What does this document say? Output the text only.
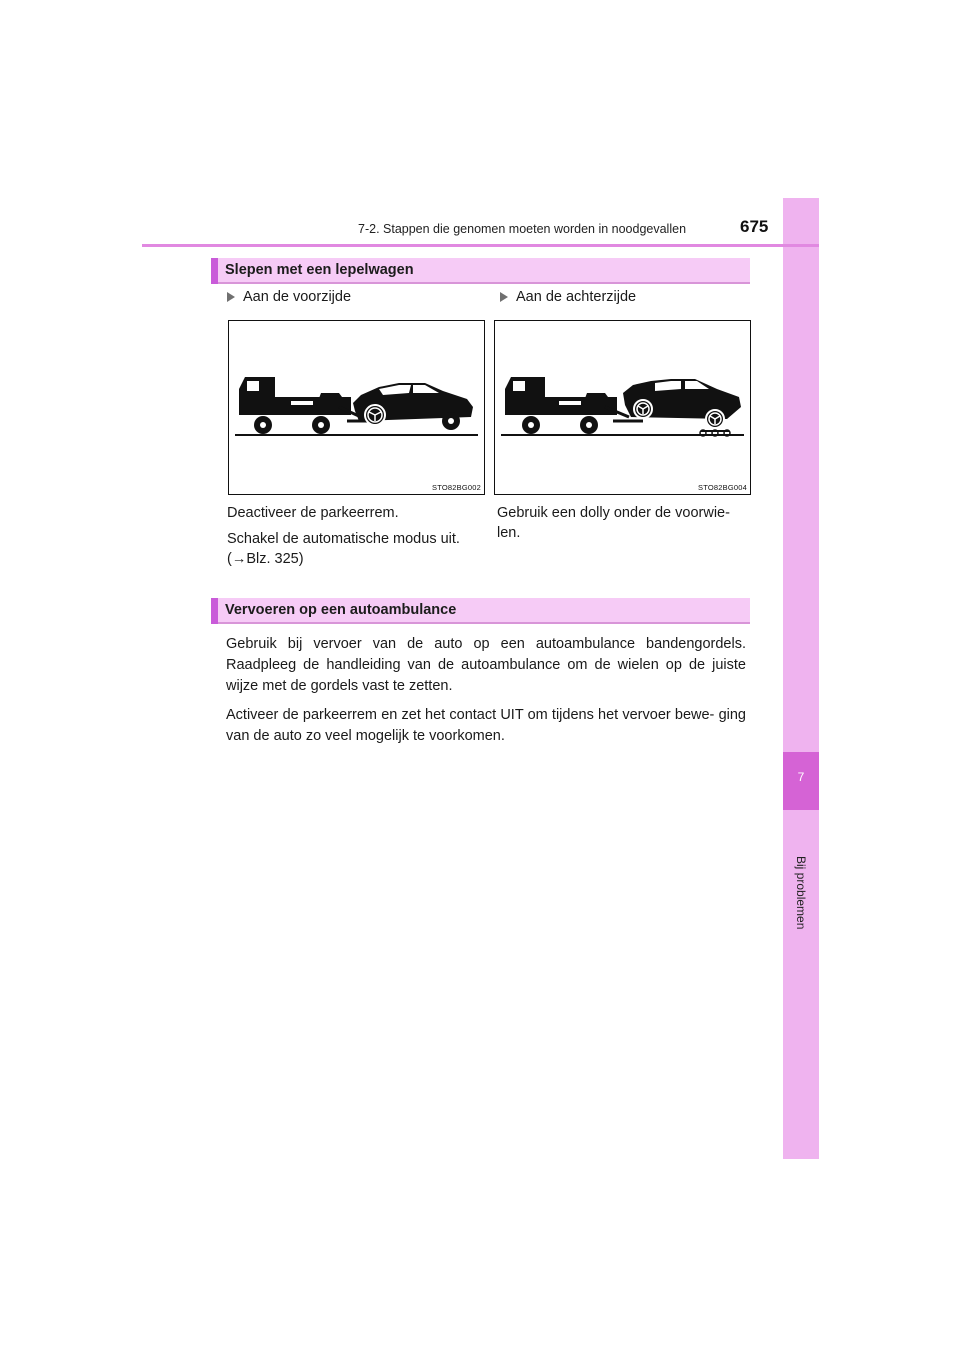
7
Bij problemen
7-2. Stappen die genomen moeten worden in noodgevallen	675
Slepen met een lepelwagen
Aan de voorzijde	Aan de achterzijde
STO82BG002	STO82BG004
Deactiveer de parkeerrem.
Schakel de automatische modus uit.
(→Blz. 325)
Gebruik een dolly onder de voorwie-
len.
Vervoeren op een autoambulance
Gebruik bij vervoer van de auto op een autoambulance bandengordels. Raadpleeg de handleiding van de autoambulance om de wielen op de juiste wijze met de gordels vast te zetten.
Activeer de parkeerrem en zet het contact UIT om tijdens het vervoer bewe- ging van de auto zo veel mogelijk te voorkomen.
